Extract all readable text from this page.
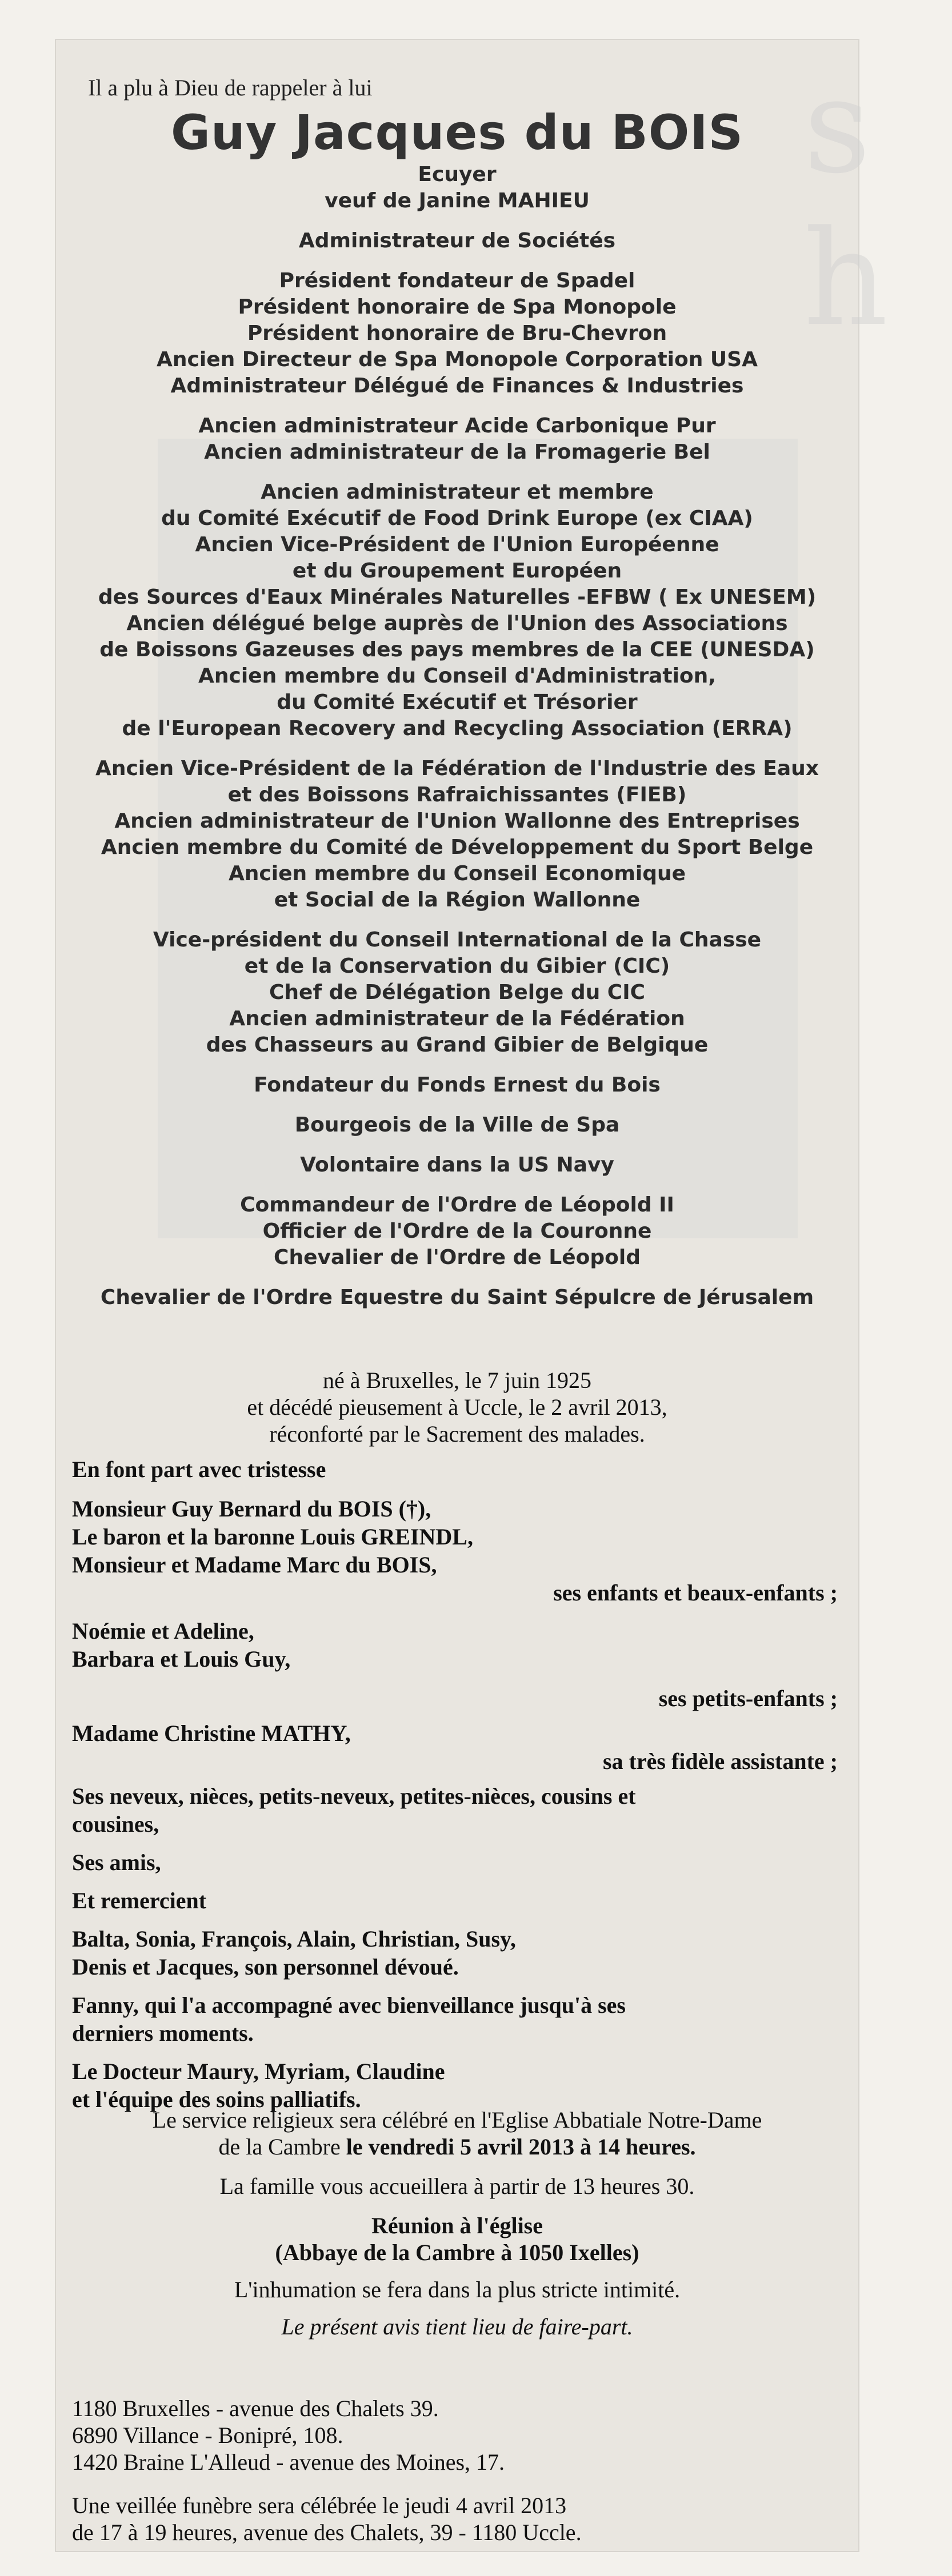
s h
Il a plu à Dieu de rappeler à lui
Guy Jacques du BOIS
Ecuyer
veuf de Janine MAHIEU
Administrateur de Sociétés
Président fondateur de Spadel
Président honoraire de Spa Monopole
Président honoraire de Bru-Chevron
Ancien Directeur de Spa Monopole Corporation USA
Administrateur Délégué de Finances & Industries
Ancien administrateur Acide Carbonique Pur
Ancien administrateur de la Fromagerie Bel
Ancien administrateur et membre
du Comité Exécutif de Food Drink Europe (ex CIAA)
Ancien Vice-Président de l'Union Européenne
et du Groupement Européen
des Sources d'Eaux Minérales Naturelles -EFBW ( Ex UNESEM)
Ancien délégué belge auprès de l'Union des Associations
de Boissons Gazeuses des pays membres de la CEE (UNESDA)
Ancien membre du Conseil d'Administration,
du Comité Exécutif et Trésorier
de l'European Recovery and Recycling Association (ERRA)
Ancien Vice-Président de la Fédération de l'Industrie des Eaux
et des Boissons Rafraichissantes (FIEB)
Ancien administrateur de l'Union Wallonne des Entreprises
Ancien membre du Comité de Développement du Sport Belge
Ancien membre du Conseil Economique
et Social de la Région Wallonne
Vice-président du Conseil International de la Chasse
et de la Conservation du Gibier (CIC)
Chef de Délégation Belge du CIC
Ancien administrateur de la Fédération
des Chasseurs au Grand Gibier de Belgique
Fondateur du Fonds Ernest du Bois
Bourgeois de la Ville de Spa
Volontaire dans la US Navy
Commandeur de l'Ordre de Léopold II
Officier de l'Ordre de la Couronne
Chevalier de l'Ordre de Léopold
Chevalier de l'Ordre Equestre du Saint Sépulcre de Jérusalem
né à Bruxelles, le 7 juin 1925
et décédé pieusement à Uccle, le 2 avril 2013,
réconforté par le Sacrement des malades.
En font part avec tristesse
Monsieur Guy Bernard du BOIS (†),
Le baron et la baronne Louis GREINDL,
Monsieur et Madame Marc du BOIS,
ses enfants et beaux-enfants ;
Noémie et Adeline,
Barbara et Louis Guy,
ses petits-enfants ;
Madame Christine MATHY,
sa très fidèle assistante ;
Ses neveux, nièces, petits-neveux, petites-nièces, cousins et
cousines,
Ses amis,
Et remercient
Balta, Sonia, François, Alain, Christian, Susy,
Denis et Jacques, son personnel dévoué.
Fanny, qui l'a accompagné avec bienveillance jusqu'à ses
derniers moments.
Le Docteur Maury, Myriam, Claudine
et l'équipe des soins palliatifs.
Le service religieux sera célébré en l'Eglise Abbatiale Notre-Dame
de la Cambre le vendredi 5 avril 2013 à 14 heures.
La famille vous accueillera à partir de 13 heures 30.
Réunion à l'église
(Abbaye de la Cambre à 1050 Ixelles)
L'inhumation se fera dans la plus stricte intimité.
Le présent avis tient lieu de faire-part.
1180 Bruxelles - avenue des Chalets 39.
6890 Villance - Bonipré, 108.
1420 Braine L'Alleud - avenue des Moines, 17.
Une veillée funèbre sera célébrée le jeudi 4 avril 2013
de 17 à 19 heures, avenue des Chalets, 39 - 1180 Uccle.
